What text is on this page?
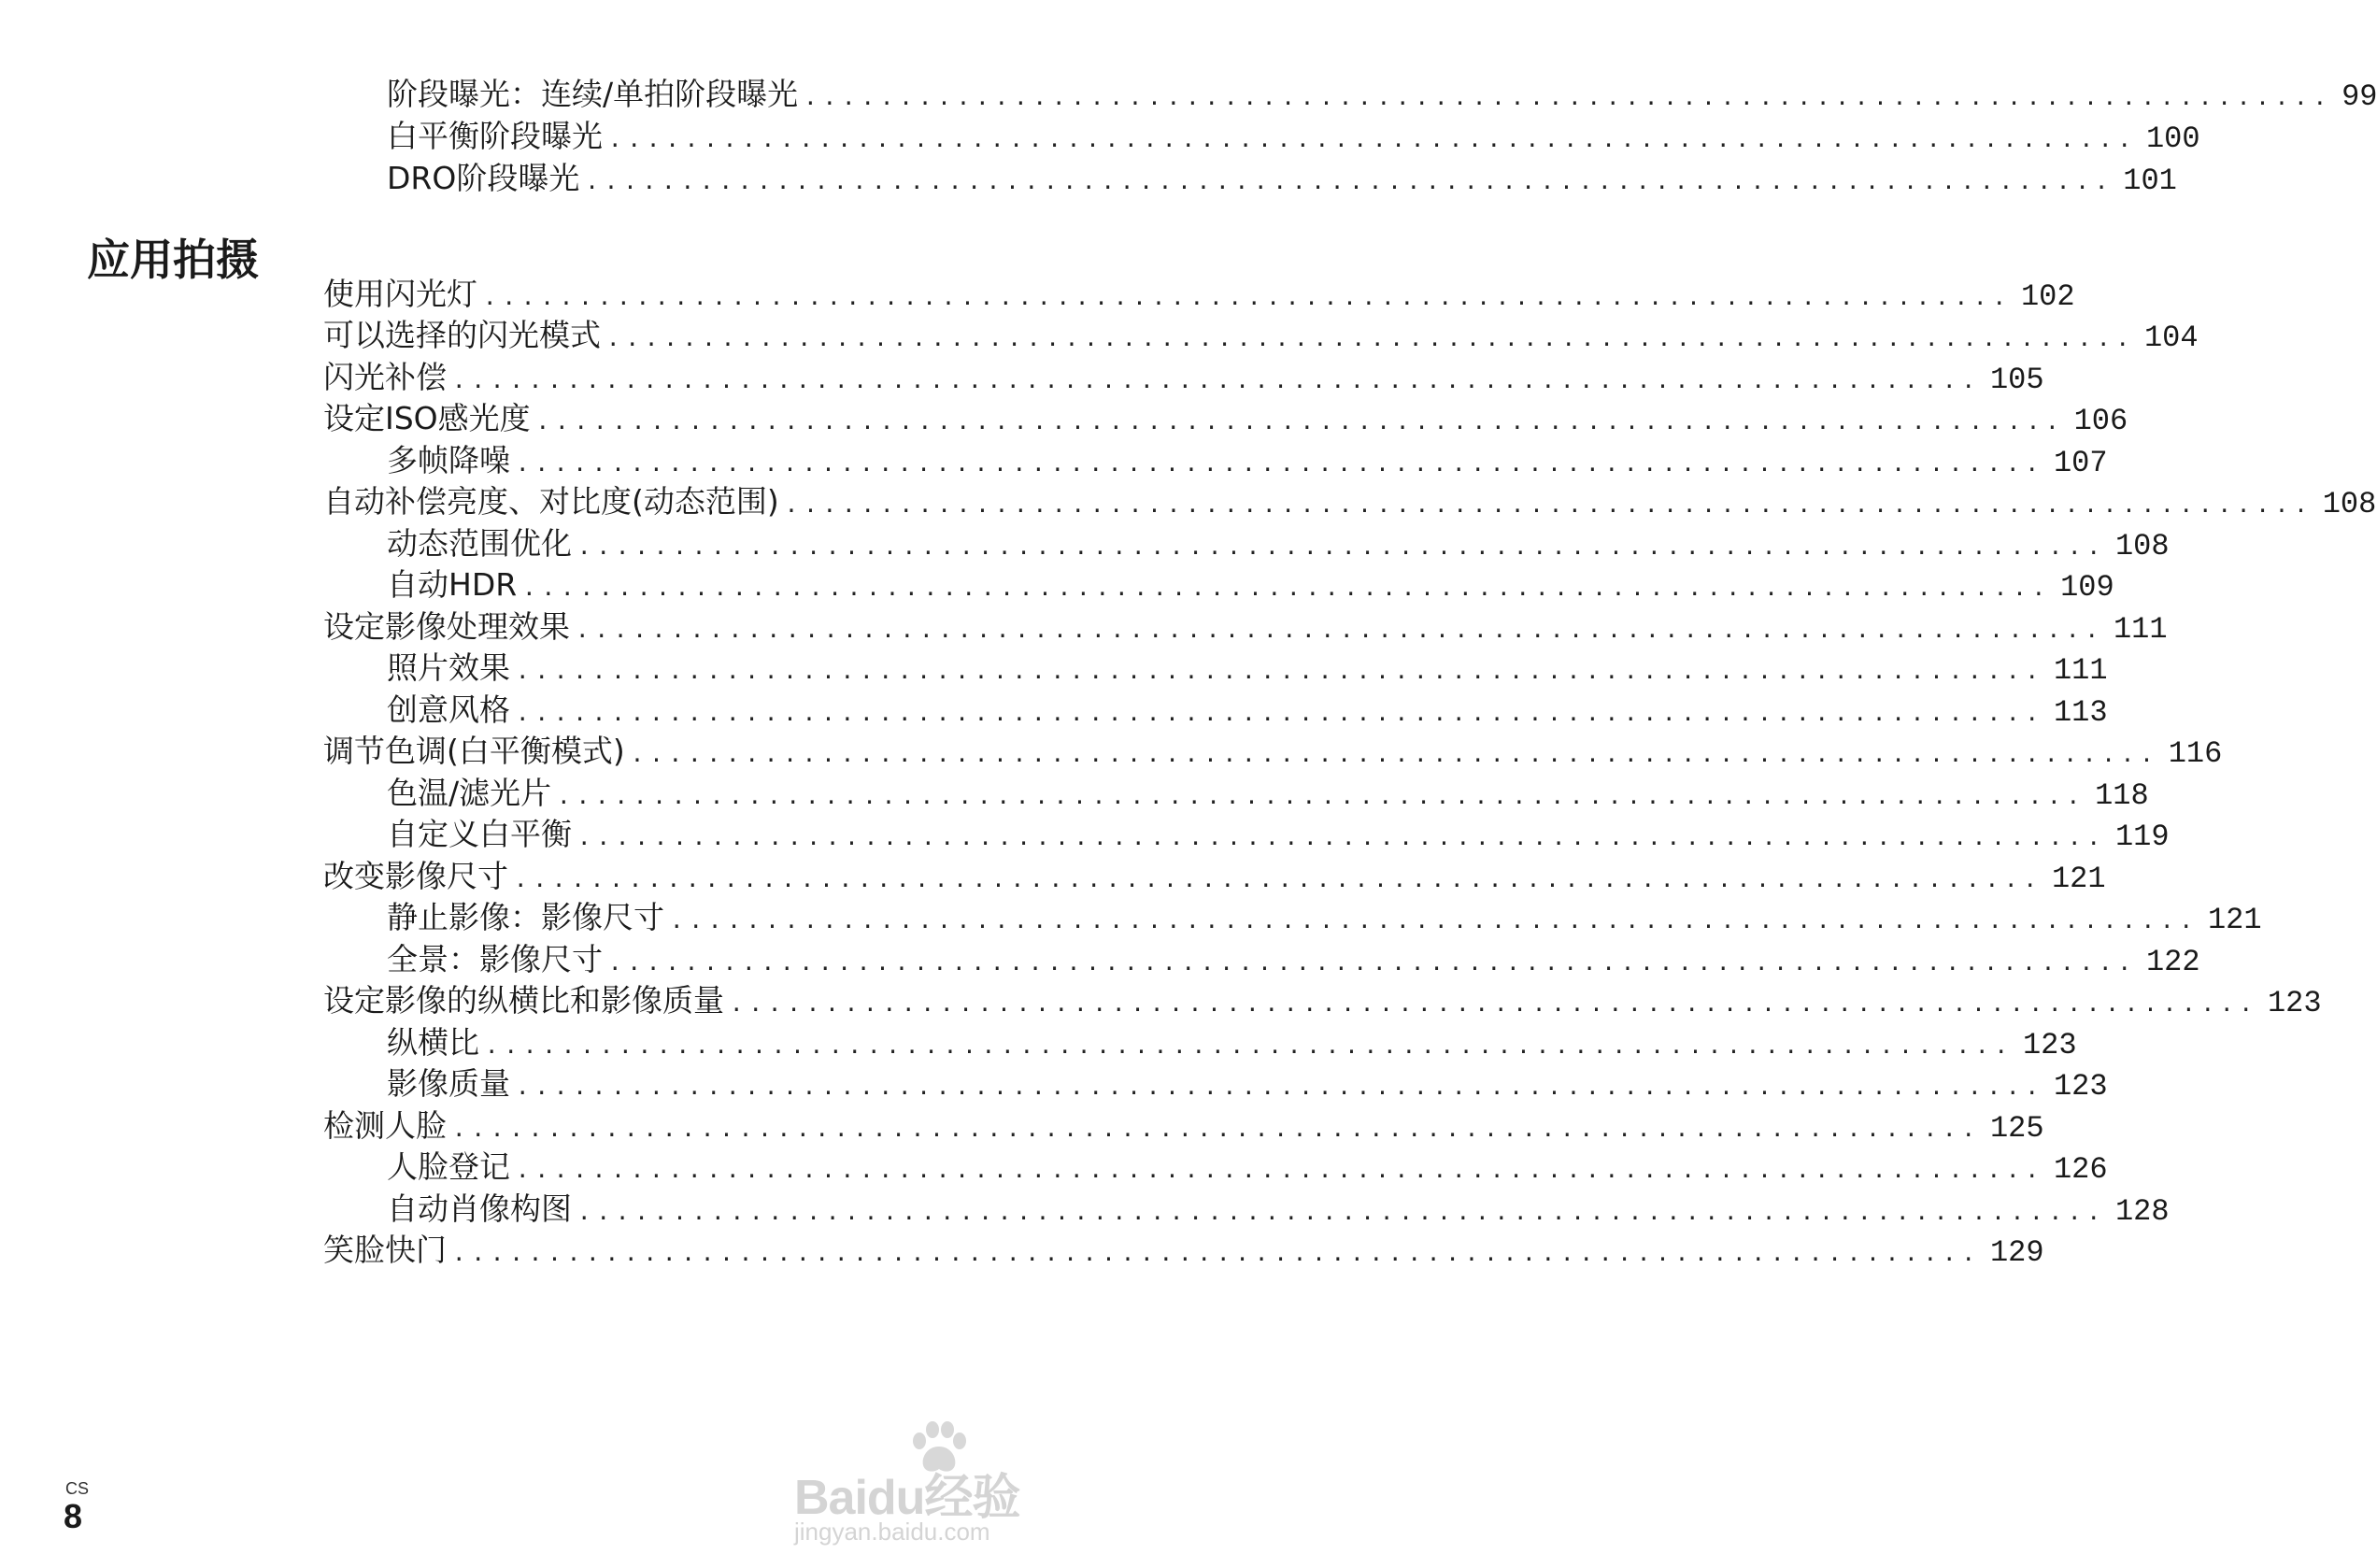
阶段曝光：连续/单拍阶段曝光 ................................................................................ 99
白平衡阶段曝光 ................................................................................ 100
DRO阶段曝光 ................................................................................ 101
应用拍摄
使用闪光灯 ................................................................................ 102
可以选择的闪光模式 ................................................................................ 104
闪光补偿 ................................................................................ 105
设定ISO感光度 ................................................................................ 106
多帧降噪 ................................................................................ 107
自动补偿亮度、对比度(动态范围) ................................................................................ 108
动态范围优化 ................................................................................ 108
自动HDR ................................................................................ 109
设定影像处理效果 ................................................................................ 111
照片效果 ................................................................................ 111
创意风格 ................................................................................ 113
调节色调(白平衡模式) ................................................................................ 116
色温/滤光片 ................................................................................ 118
自定义白平衡 ................................................................................ 119
改变影像尺寸 ................................................................................ 121
静止影像：影像尺寸 ................................................................................ 121
全景：影像尺寸 ................................................................................ 122
设定影像的纵横比和影像质量 ................................................................................ 123
纵横比 ................................................................................ 123
影像质量 ................................................................................ 123
检测人脸 ................................................................................ 125
人脸登记 ................................................................................ 126
自动肖像构图 ................................................................................ 128
笑脸快门 ................................................................................ 129
CS
8	Baidu经验
jingyan.baidu.com
